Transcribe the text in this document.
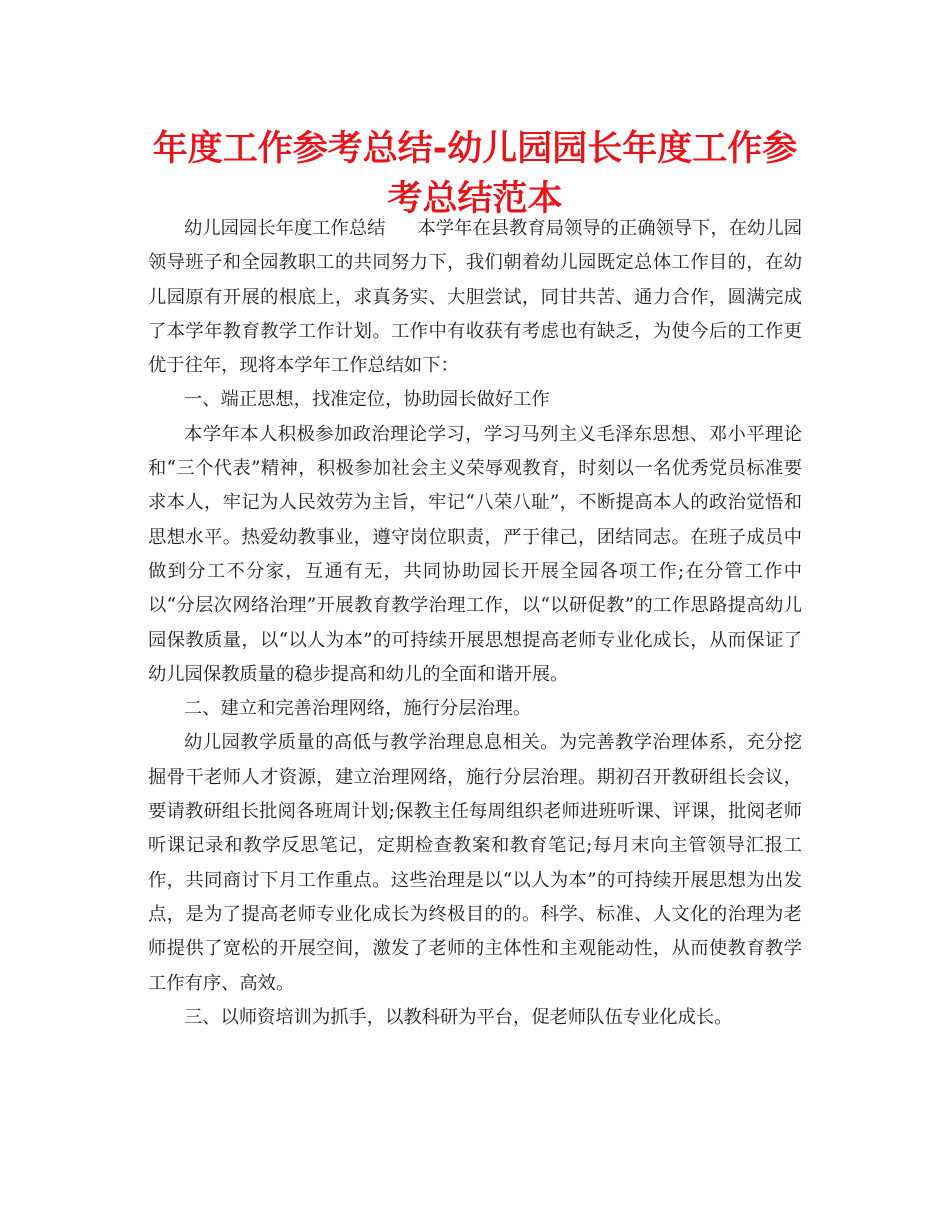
年度工作参考总结-幼儿园园长年度工作参考总结范本

幼儿园园长年度工作总结 本学年在县教育局领导的正确领导下，在幼儿园领导班子和全园教职工的共同努力下，我们朝着幼儿园既定总体工作目的，在幼儿园原有开展的根底上，求真务实、大胆尝试，同甘共苦、通力合作，圆满完成了本学年教育教学工作计划。工作中有收获有考虑也有缺乏，为使今后的工作更优于往年，现将本学年工作总结如下：

一、端正思想，找准定位，协助园长做好工作

本学年本人积极参加政治理论学习，学习马列主义毛泽东思想、邓小平理论和“三个代表”精神，积极参加社会主义荣辱观教育，时刻以一名优秀党员标准要求本人，牢记为人民效劳为主旨，牢记“八荣八耻”，不断提高本人的政治觉悟和思想水平。热爱幼教事业，遵守岗位职责，严于律己，团结同志。在班子成员中做到分工不分家，互通有无，共同协助园长开展全园各项工作;在分管工作中以“分层次网络治理”开展教育教学治理工作，以“以研促教”的工作思路提高幼儿园保教质量，以“以人为本”的可持续开展思想提高老师专业化成长，从而保证了幼儿园保教质量的稳步提高和幼儿的全面和谐开展。

二、建立和完善治理网络，施行分层治理。

幼儿园教学质量的高低与教学治理息息相关。为完善教学治理体系，充分挖掘骨干老师人才资源，建立治理网络，施行分层治理。期初召开教研组长会议，要请教研组长批阅各班周计划;保教主任每周组织老师进班听课、评课，批阅老师听课记录和教学反思笔记，定期检查教案和教育笔记;每月末向主管领导汇报工作，共同商讨下月工作重点。这些治理是以“以人为本”的可持续开展思想为出发点，是为了提高老师专业化成长为终极目的的。科学、标准、人文化的治理为老师提供了宽松的开展空间，激发了老师的主体性和主观能动性，从而使教育教学工作有序、高效。

三、以师资培训为抓手，以教科研为平台，促老师队伍专业化成长。
